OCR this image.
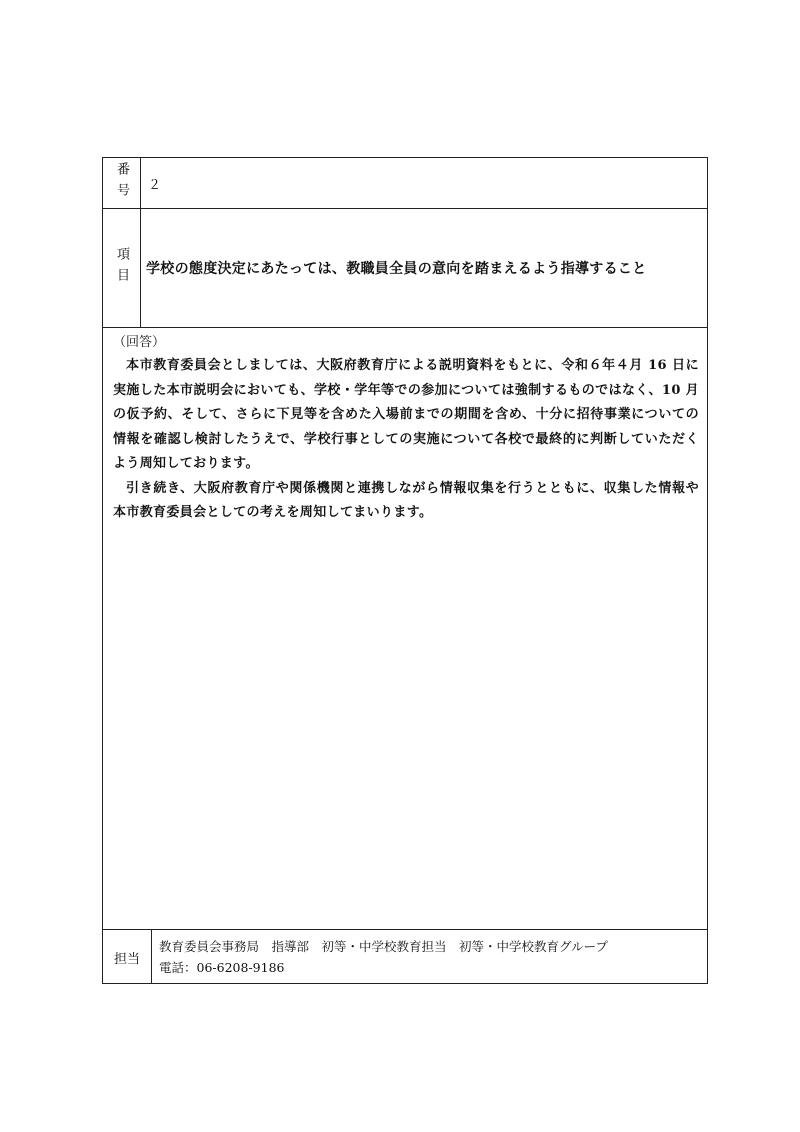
番号	２
項目	学校の態度決定にあたっては、教職員全員の意向を踏まえるよう指導すること
（回答）

本市教育委員会としましては、大阪府教育庁による説明資料をもとに、令和６年４月 16 日に実施した本市説明会においても、学校・学年等での参加については強制するものではなく、10 月の仮予約、そして、さらに下見等を含めた入場前までの期間を含め、十分に招待事業についての情報を確認し検討したうえで、学校行事としての実施について各校で最終的に判断していただくよう周知しております。

引き続き、大阪府教育庁や関係機関と連携しながら情報収集を行うとともに、収集した情報や本市教育委員会としての考えを周知してまいります。

担当
教育委員会事務局　指導部　初等・中学校教育担当　初等・中学校教育グループ
電話：06-6208-9186
